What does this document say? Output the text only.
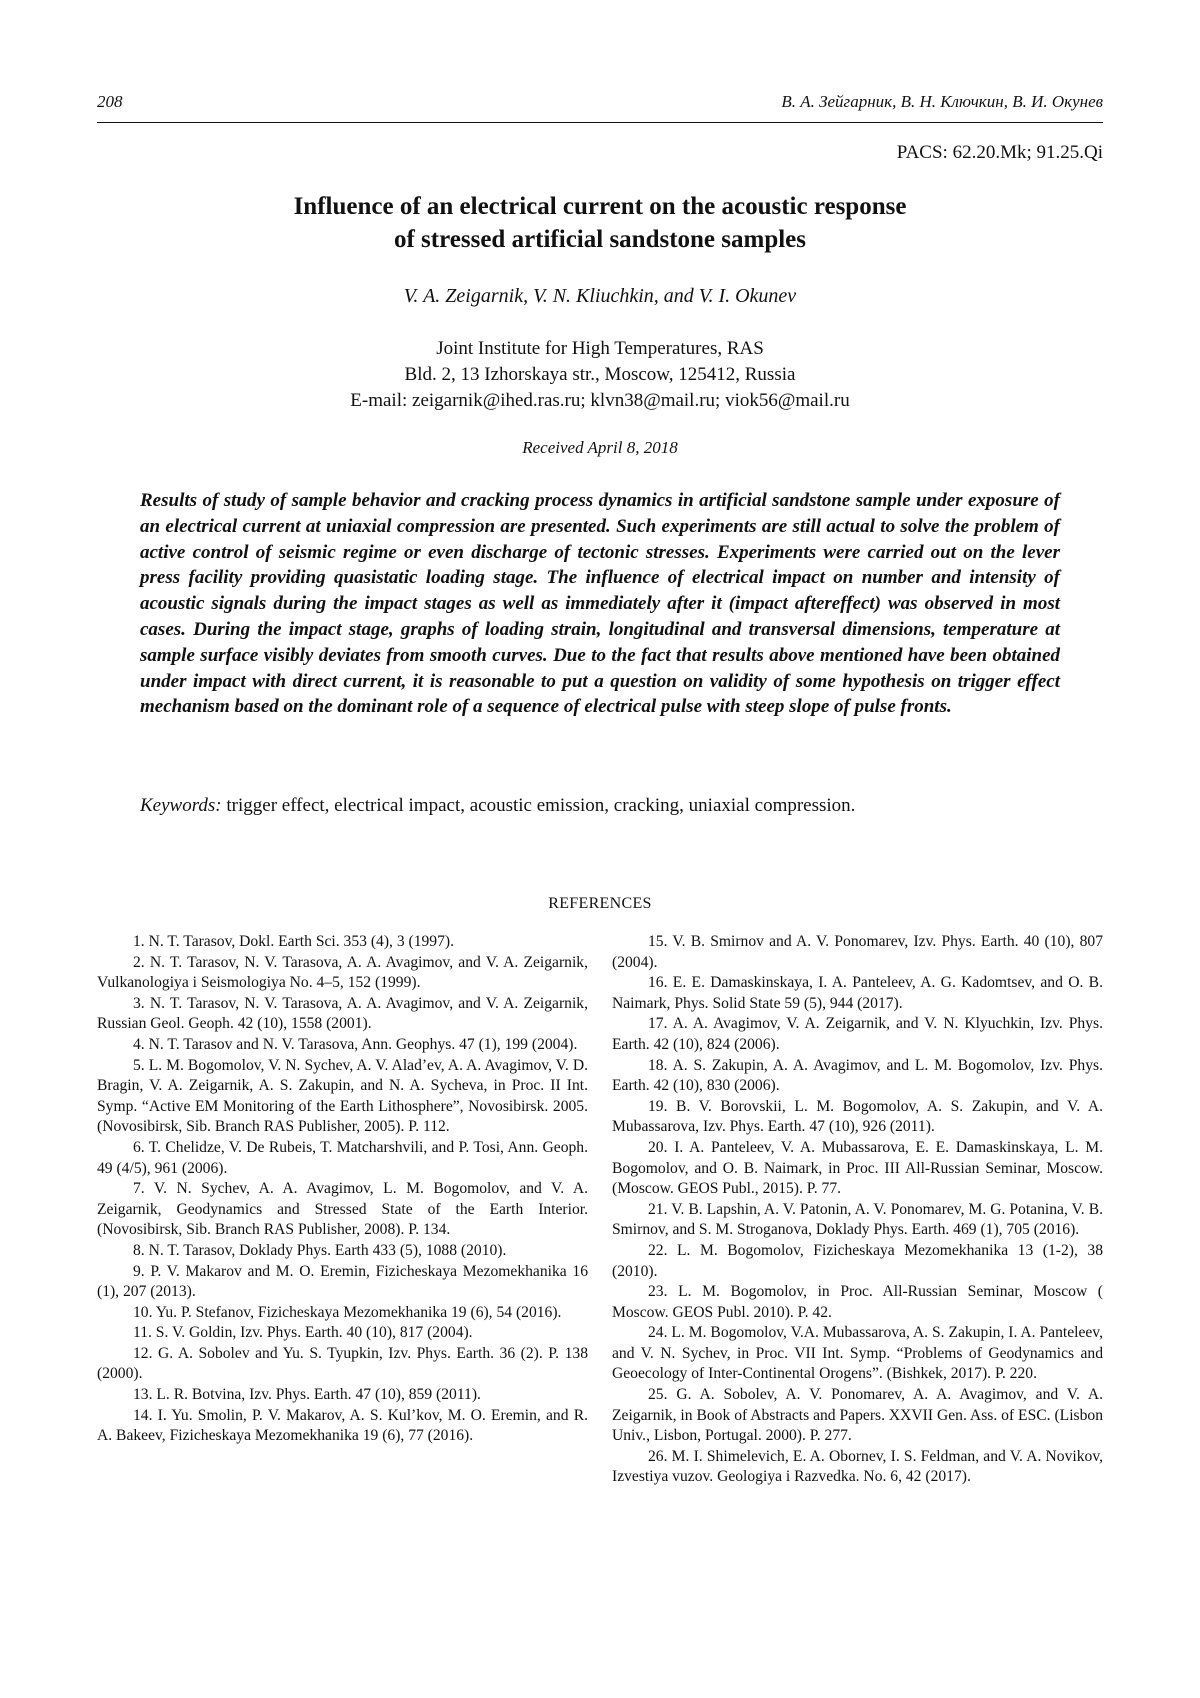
208	В. А. Зейгарник, В. Н. Ключкин, В. И. Окунев
PACS: 62.20.Mk; 91.25.Qi
Influence of an electrical current on the acoustic response
of stressed artificial sandstone samples
V. A. Zeigarnik, V. N. Kliuchkin, and V. I. Okunev
Joint Institute for High Temperatures, RAS
Bld. 2, 13 Izhorskaya str., Moscow, 125412, Russia
E-mail: zeigarnik@ihed.ras.ru; klvn38@mail.ru; viok56@mail.ru
Received April 8, 2018

Results of study of sample behavior and cracking process dynamics in artificial sandstone sample under exposure of an electrical current at uniaxial compression are presented. Such experiments are still actual to solve the problem of active control of seismic regime or even discharge of tectonic stresses. Experiments were carried out on the lever press facility providing quasistatic loading stage. The influence of electrical impact on number and intensity of acoustic signals during the impact stages as well as immediately after it (impact aftereffect) was observed in most cases. During the im­pact stage, graphs of loading strain, longitudinal and transversal dimensions, temperature at sample surface visibly deviates from smooth curves. Due to the fact that results above mentioned have been obtained under impact with direct current, it is reasonable to put a question on validity of some hy­pothesis on trigger effect mechanism based on the dominant role of a sequence of electrical pulse with steep slope of pulse fronts.

Keywords: trigger effect, electrical impact, acoustic emission, cracking, uniaxial compression.
REFERENCES

1. N. T. Tarasov, Dokl. Earth Sci. 353 (4), 3 (1997).

2. N. T. Tarasov, N. V. Tarasova, A. A. Avagimov, and V. A. Zeigarnik, Vulkanologiya i Seismologiya No. 4–5, 152 (1999).

3. N. T. Tarasov, N. V. Tarasova, A. A. Avagimov, and V. A. Zeigarnik, Russian Geol. Geoph. 42 (10), 1558 (2001).

4. N. T. Tarasov and N. V. Tarasova, Ann. Geophys. 47 (1), 199 (2004).

5. L. M. Bogomolov, V. N. Sychev, A. V. Alad’ev, A. A. Ava­gimov, V. D. Bragin, V. A. Zeigarnik, A. S. Zakupin, and N. A. Sy­cheva, in Proc. II Int. Symp. “Active EM Monitoring of the Earth Lithosphere”, Novosibirsk. 2005. (Novosibirsk, Sib. Branch RAS Publisher, 2005). P. 112.

6. T. Chelidze, V. De Rubeis, T. Matcharshvili, and P. Tosi, Ann. Geoph. 49 (4/5), 961 (2006).

7. V. N. Sychev, A. A. Avagimov, L. M. Bogomolov, and V. A. Zeigarnik, Geodynamics and Stressed State of the Earth Interior. (Novosibirsk, Sib. Branch RAS Publisher, 2008). P. 134.

8. N. T. Tarasov, Doklady Phys. Earth 433 (5), 1088 (2010).

9. P. V. Makarov and M. O. Eremin, Fizicheskaya Me­zomekhanika 16 (1), 207 (2013).

10. Yu. P. Stefanov, Fizicheskaya Mezomekhanika 19 (6), 54 (2016).

11. S. V. Goldin, Izv. Phys. Earth. 40 (10), 817 (2004).

12. G. A. Sobolev and Yu. S. Tyupkin, Izv. Phys. Earth. 36 (2). P. 138 (2000).

13. L. R. Botvina, Izv. Phys. Earth. 47 (10), 859 (2011).

14. I. Yu. Smolin, P. V. Makarov, A. S. Kul’kov, M. O. Ere­min, and R. A. Bakeev, Fizicheskaya Mezomekhanika 19 (6), 77 (2016).

15. V. B. Smirnov and A. V. Ponomarev, Izv. Phys. Earth. 40 (10), 807 (2004).

16. E. E. Damaskinskaya, I. A. Panteleev, A. G. Kadomtsev, and O. B. Naimark, Phys. Solid State 59 (5), 944 (2017).

17. A. A. Avagimov, V. A. Zeigarnik, and V. N. Klyuchkin, Izv. Phys. Earth. 42 (10), 824 (2006).

18. A. S. Zakupin, A. A. Avagimov, and L. M. Bogomolov, Izv. Phys. Earth. 42 (10), 830 (2006).

19. B. V. Borovskii, L. M. Bogomolov, A. S. Zakupin, and V. A. Mubassarova, Izv. Phys. Earth. 47 (10), 926 (2011).

20. I. A. Panteleev, V. A. Mubassarova, E. E. Damas­kinskaya, L. M. Bogomolov, and O. B. Naimark, in Proc. III All-Russian Seminar, Moscow. (Moscow. GEOS Publ., 2015). P. 77.

21. V. B. Lapshin, A. V. Patonin, A. V. Ponomarev, M. G. Po­tanina, V. B. Smirnov, and S. M. Stroganova, Doklady Phys. Earth. 469 (1), 705 (2016).

22. L. M. Bogomolov, Fizicheskaya Mezomekhanika 13 (1-2), 38 (2010).

23. L. M. Bogomolov, in Proc. All-Russian Seminar, Mos­cow ( Moscow. GEOS Publ. 2010). P. 42.

24. L. M. Bogomolov, V.A. Mubassarova, A. S. Zakupin, I. A. Panteleev, and V. N. Sychev, in Proc. VII Int. Symp. “Prob­lems of Geodynamics and Geoecology of Inter-Continental Oro­gens”. (Bishkek, 2017). P. 220.

25. G. A. Sobolev, A. V. Ponomarev, A. A. Avagimov, and V. A. Zeigarnik, in Book of Abstracts and Papers. XXVII Gen. Ass. of ESC. (Lisbon Univ., Lisbon, Portugal. 2000). P. 277.

26. M. I. Shimelevich, E. A. Obornev, I. S. Feldman, and V. A. Novikov, Izvestiya vuzov. Geologiya i Razvedka. No. 6, 42 (2017).
